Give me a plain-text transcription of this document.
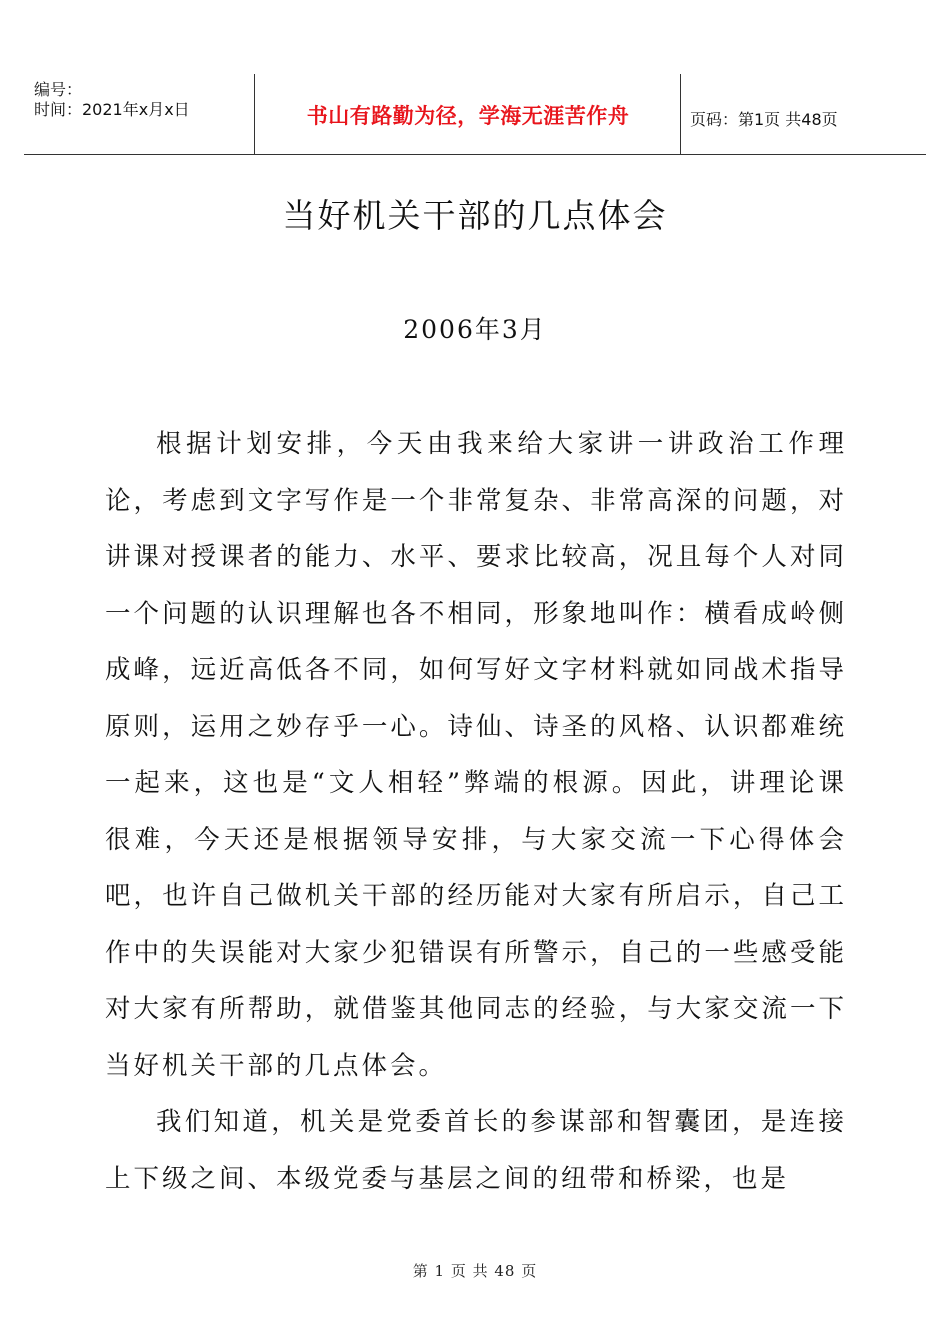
编号：
时间：2021年x月x日	书山有路勤为径，学海无涯苦作舟	页码：第1页 共48页
当好机关干部的几点体会
2006年3月

根据计划安排，今天由我来给大家讲一讲政治工作理论，考虑到文字写作是一个非常复杂、非常高深的问题，对讲课对授课者的能力、水平、要求比较高，况且每个人对同一个问题的认识理解也各不相同，形象地叫作：横看成岭侧成峰，远近高低各不同，如何写好文字材料就如同战术指导原则，运用之妙存乎一心。诗仙、诗圣的风格、认识都难统一起来，这也是“文人相轻”弊端的根源。因此，讲理论课很难，今天还是根据领导安排，与大家交流一下心得体会吧，也许自己做机关干部的经历能对大家有所启示，自己工作中的失误能对大家少犯错误有所警示，自己的一些感受能对大家有所帮助，就借鉴其他同志的经验，与大家交流一下当好机关干部的几点体会。

我们知道，机关是党委首长的参谋部和智囊团，是连接上下级之间、本级党委与基层之间的纽带和桥梁，也是

第 1 页 共 48 页
